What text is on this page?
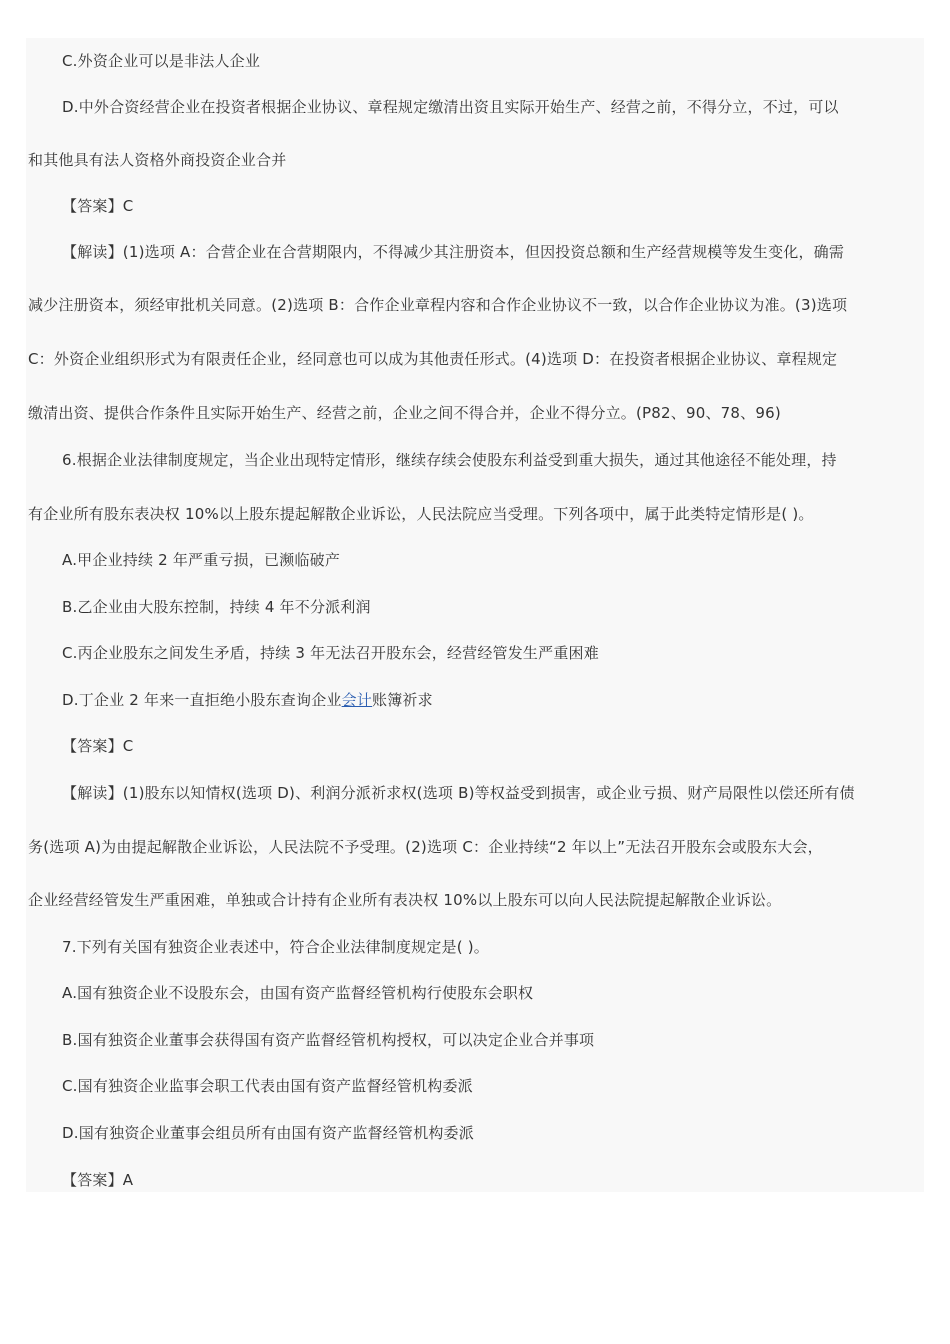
C.外资企业可以是非法人企业
D.中外合资经营企业在投资者根据企业协议、章程规定缴清出资且实际开始生产、经营之前，不得分立，不过，可以
和其他具有法人资格外商投资企业合并
【答案】C
【解读】(1)选项 A：合营企业在合营期限内，不得减少其注册资本，但因投资总额和生产经营规模等发生变化，确需
减少注册资本，须经审批机关同意。(2)选项 B：合作企业章程内容和合作企业协议不一致，以合作企业协议为准。(3)选项
C：外资企业组织形式为有限责任企业，经同意也可以成为其他责任形式。(4)选项 D：在投资者根据企业协议、章程规定
缴清出资、提供合作条件且实际开始生产、经营之前，企业之间不得合并，企业不得分立。(P82、90、78、96)
6.根据企业法律制度规定，当企业出现特定情形，继续存续会使股东利益受到重大损失，通过其他途径不能处理，持
有企业所有股东表决权 10%以上股东提起解散企业诉讼，人民法院应当受理。下列各项中，属于此类特定情形是( )。
A.甲企业持续 2 年严重亏损，已濒临破产
B.乙企业由大股东控制，持续 4 年不分派利润
C.丙企业股东之间发生矛盾，持续 3 年无法召开股东会，经营经管发生严重困难
D.丁企业 2 年来一直拒绝小股东查询企业会计账簿祈求
【答案】C
【解读】(1)股东以知情权(选项 D)、利润分派祈求权(选项 B)等权益受到损害，或企业亏损、财产局限性以偿还所有债
务(选项 A)为由提起解散企业诉讼，人民法院不予受理。(2)选项 C：企业持续“2 年以上”无法召开股东会或股东大会，
企业经营经管发生严重困难，单独或合计持有企业所有表决权 10%以上股东可以向人民法院提起解散企业诉讼。
7.下列有关国有独资企业表述中，符合企业法律制度规定是( )。
A.国有独资企业不设股东会，由国有资产监督经管机构行使股东会职权
B.国有独资企业董事会获得国有资产监督经管机构授权，可以决定企业合并事项
C.国有独资企业监事会职工代表由国有资产监督经管机构委派
D.国有独资企业董事会组员所有由国有资产监督经管机构委派
【答案】A
